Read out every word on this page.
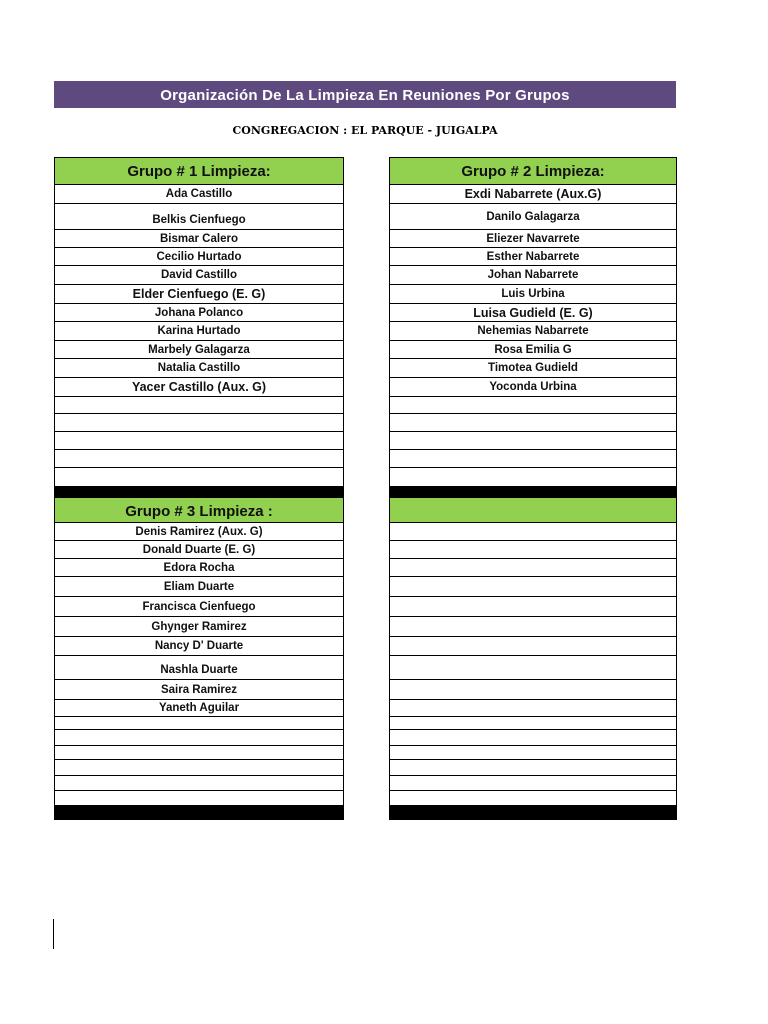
Organización De La Limpieza En Reuniones Por Grupos
CONGREGACION : EL PARQUE - JUIGALPA
Grupo # 1 Limpieza:
Ada Castillo
Belkis Cienfuego
Bismar Calero
Cecilio Hurtado
David Castillo
Elder Cienfuego (E. G)
Johana Polanco
Karina Hurtado
Marbely Galagarza
Natalia Castillo
Yacer Castillo (Aux. G)
Grupo # 2 Limpieza:
Exdi Nabarrete (Aux.G)
Danilo Galagarza
Eliezer Navarrete
Esther Nabarrete
Johan Nabarrete
Luis Urbina
Luisa Gudield (E. G)
Nehemias Nabarrete
Rosa Emilia G
Timotea Gudield
Yoconda Urbina
Grupo # 3 Limpieza :
Denis Ramirez (Aux. G)
Donald Duarte (E. G)
Edora Rocha
Eliam Duarte
Francisca Cienfuego
Ghynger Ramirez
Nancy D' Duarte
Nashla Duarte
Saira Ramirez
Yaneth Aguilar
